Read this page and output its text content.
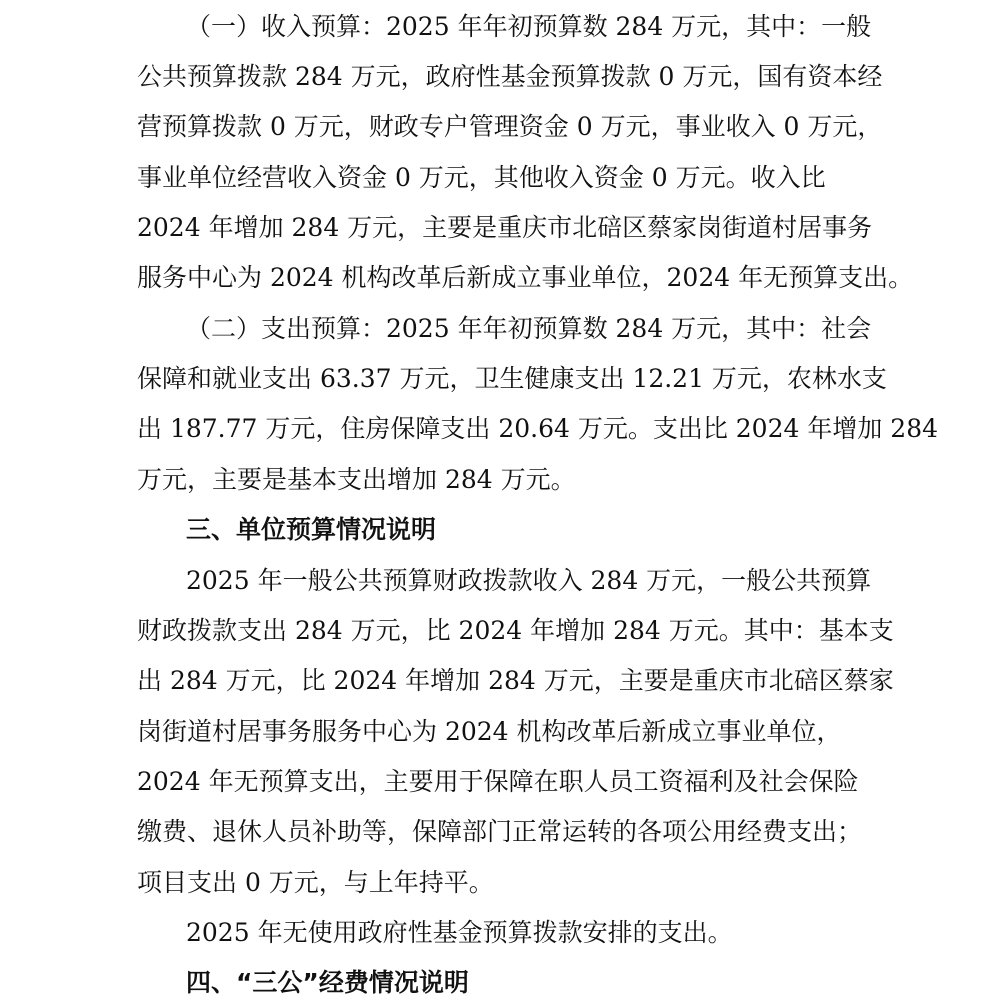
（一）收入预算：2025 年年初预算数 284 万元，其中：一般

公共预算拨款 284 万元，政府性基金预算拨款 0 万元，国有资本经

营预算拨款 0 万元，财政专户管理资金 0 万元，事业收入 0 万元，

事业单位经营收入资金 0 万元，其他收入资金 0 万元。收入比

2024 年增加 284 万元，主要是重庆市北碚区蔡家岗街道村居事务

服务中心为 2024 机构改革后新成立事业单位，2024 年无预算支出。

（二）支出预算：2025 年年初预算数 284 万元，其中：社会

保障和就业支出 63.37 万元，卫生健康支出 12.21 万元，农林水支

出 187.77 万元，住房保障支出 20.64 万元。支出比 2024 年增加 284

万元，主要是基本支出增加 284 万元。

三、单位预算情况说明

2025 年一般公共预算财政拨款收入 284 万元，一般公共预算

财政拨款支出 284 万元，比 2024 年增加 284 万元。其中：基本支

出 284 万元，比 2024 年增加 284 万元，主要是重庆市北碚区蔡家

岗街道村居事务服务中心为 2024 机构改革后新成立事业单位，

2024 年无预算支出，主要用于保障在职人员工资福利及社会保险

缴费、退休人员补助等，保障部门正常运转的各项公用经费支出；

项目支出 0 万元，与上年持平。

2025 年无使用政府性基金预算拨款安排的支出。

四、“三公”经费情况说明
